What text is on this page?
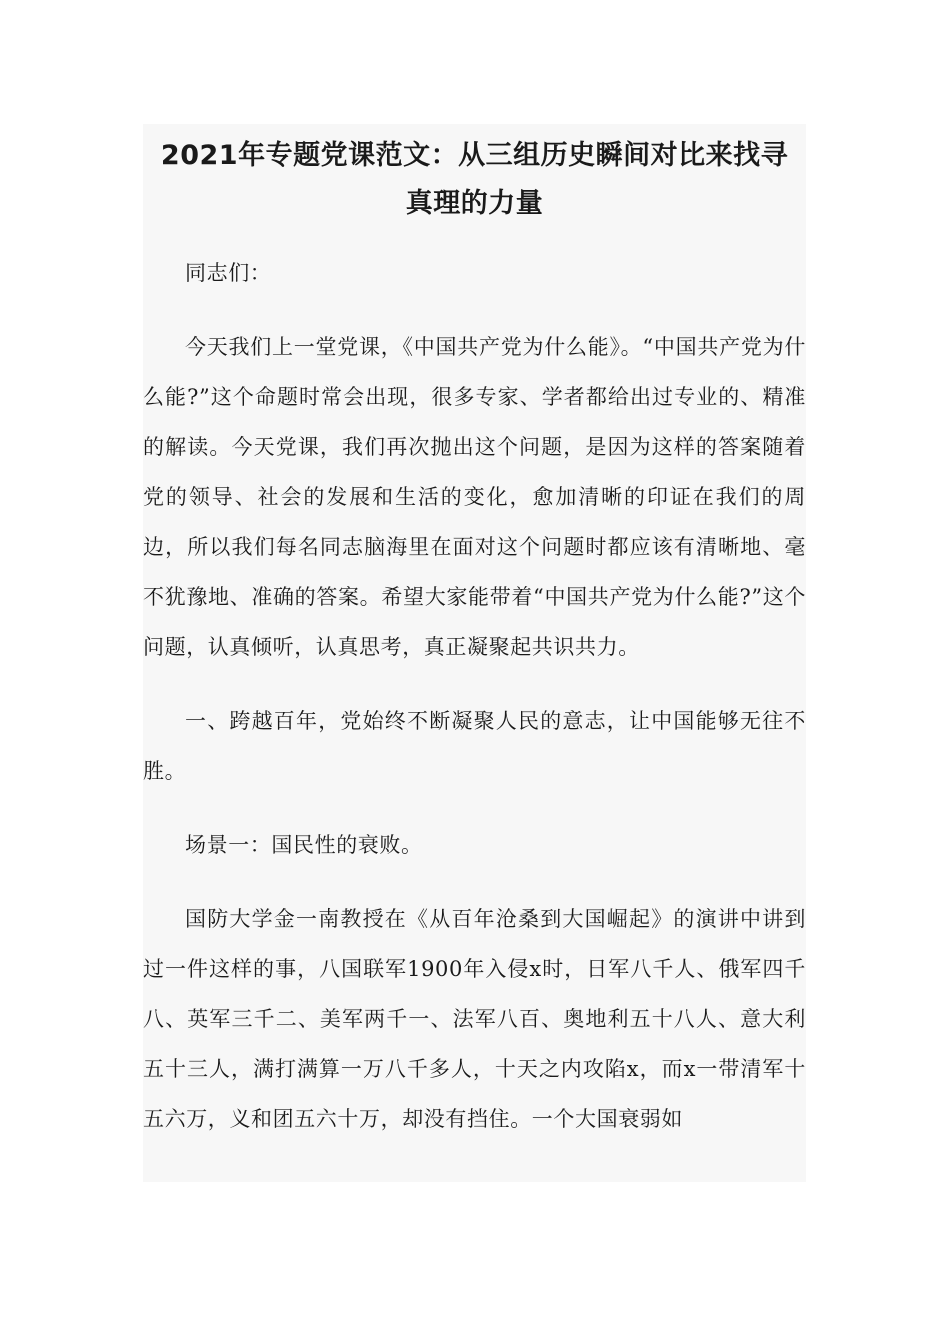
2021年专题党课范文：从三组历史瞬间对比来找寻
真理的力量

同志们：

今天我们上一堂党课，《中国共产党为什么能》。“中国共产党为什么能?”这个命题时常会出现，很多专家、学者都给出过专业的、精准的解读。今天党课，我们再次抛出这个问题，是因为这样的答案随着党的领导、社会的发展和生活的变化，愈加清晰的印证在我们的周边，所以我们每名同志脑海里在面对这个问题时都应该有清晰地、毫不犹豫地、准确的答案。希望大家能带着“中国共产党为什么能?”这个问题，认真倾听，认真思考，真正凝聚起共识共力。

一、跨越百年，党始终不断凝聚人民的意志，让中国能够无往不胜。

场景一：国民性的衰败。

国防大学金一南教授在《从百年沧桑到大国崛起》的演讲中讲到过一件这样的事，八国联军1900年入侵x时，日军八千人、俄军四千八、英军三千二、美军两千一、法军八百、奥地利五十八人、意大利五十三人，满打满算一万八千多人，十天之内攻陷x，而x一带清军十五六万，义和团五六十万，却没有挡住。一个大国衰弱如
